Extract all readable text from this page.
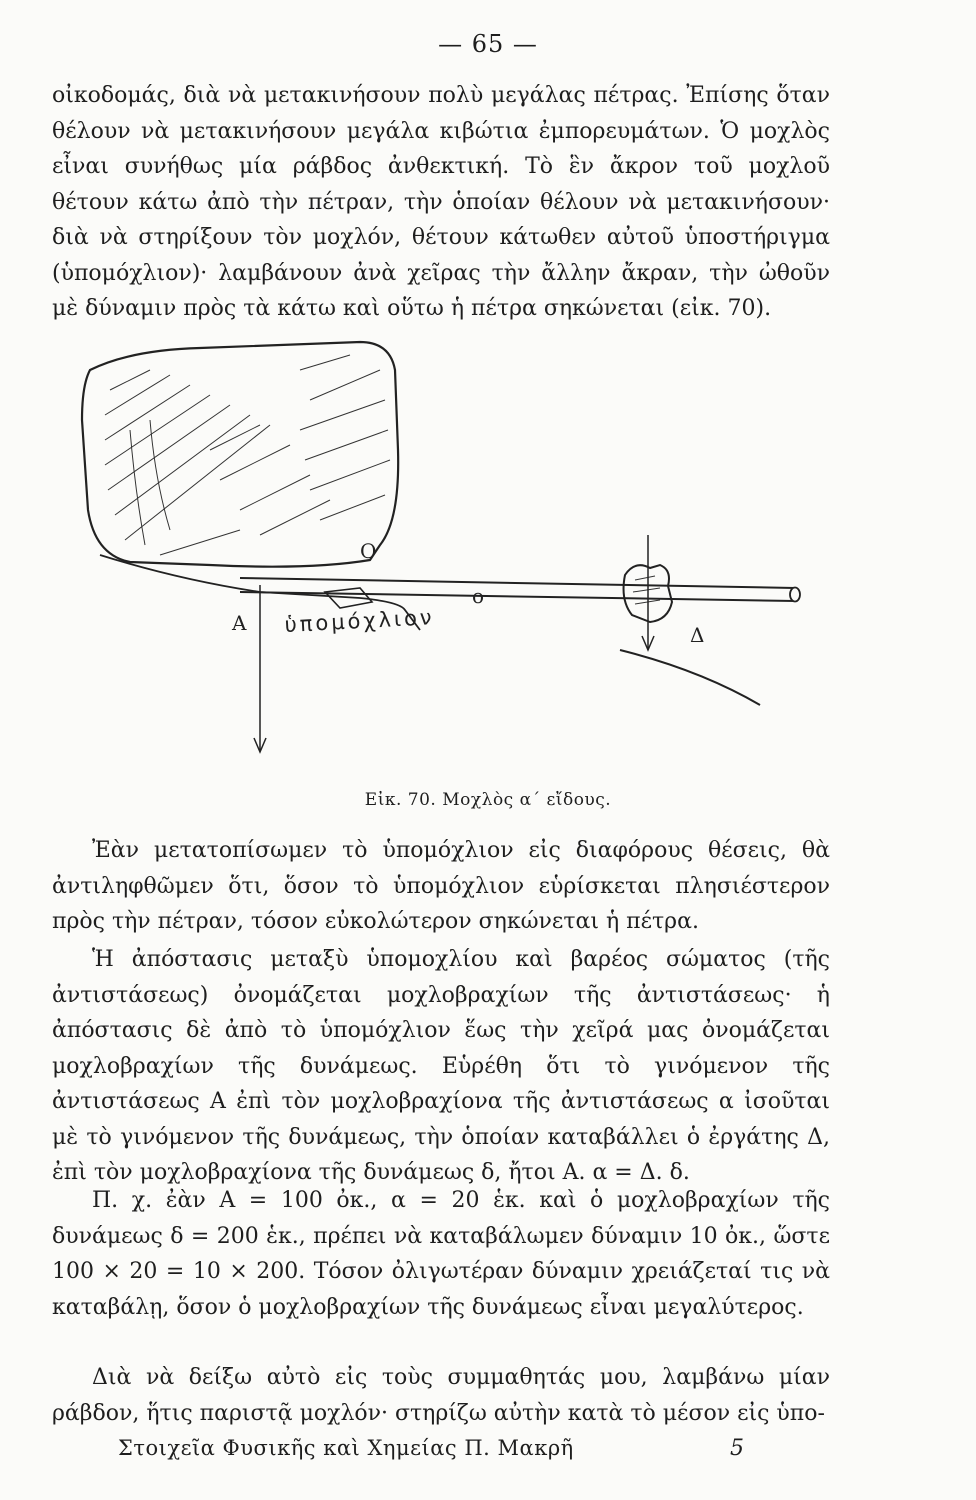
— 65 —

οἰκοδομάς, διὰ νὰ μετακινήσουν πολὺ μεγάλας πέτρας. Ἐπίσης ὅταν θέλουν νὰ μετακινήσουν μεγάλα κιβώτια ἐμπορευμάτων. Ὁ μοχλὸς εἶναι συνήθως μία ράβδος ἀνθεκτική. Τὸ ἓν ἄκρον τοῦ μοχλοῦ θέτουν κάτω ἀπὸ τὴν πέτραν, τὴν ὁποίαν θέλουν νὰ μετακινήσουν· διὰ νὰ στηρίξουν τὸν μοχλόν, θέτουν κάτωθεν αὐτοῦ ὑποστήριγμα (ὑπομόχλιον)· λαμβάνουν ἀνὰ χεῖρας τὴν ἄλλην ἄκραν, τὴν ὠθοῦν μὲ δύναμιν πρὸς τὰ κάτω καὶ οὕτω ἡ πέτρα σηκώνεται (εἰκ. 70).

O
ο
Α	Δ
ὑπομόχλιον
Εἰκ. 70. Μοχλὸς α΄ εἴδους.

Ἐὰν μετατοπίσωμεν τὸ ὑπομόχλιον εἰς διαφόρους θέσεις, θὰ ἀντιληφθῶμεν ὅτι, ὅσον τὸ ὑπομόχλιον εὑρίσκεται πλησιέστερον πρὸς τὴν πέτραν, τόσον εὐκολώτερον σηκώνεται ἡ πέτρα.

Ἡ ἀπόστασις μεταξὺ ὑπομοχλίου καὶ βαρέος σώματος (τῆς ἀντιστάσεως) ὀνομάζεται μοχλοβραχίων τῆς ἀντιστάσεως· ἡ ἀπόστασις δὲ ἀπὸ τὸ ὑπομόχλιον ἕως τὴν χεῖρά μας ὀνομάζεται μοχλοβραχίων τῆς δυνάμεως. Εὑρέθη ὅτι τὸ γινόμενον τῆς ἀντιστάσεως Α ἐπὶ τὸν μοχλοβραχίονα τῆς ἀντιστάσεως α ἰσοῦται μὲ τὸ γινόμενον τῆς δυνάμεως, τὴν ὁποίαν καταβάλλει ὁ ἐργάτης Δ, ἐπὶ τὸν μοχλοβραχίονα τῆς δυνάμεως δ, ἤτοι Α. α = Δ. δ.

Π. χ. ἐὰν Α = 100 ὀκ., α = 20 ἑκ. καὶ ὁ μοχλοβραχίων τῆς δυνάμεως δ = 200 ἑκ., πρέπει νὰ καταβάλωμεν δύναμιν 10 ὀκ., ὥστε 100 × 20 = 10 × 200. Τόσον ὀλιγωτέραν δύναμιν χρειάζεταί τις νὰ καταβάλῃ, ὅσον ὁ μοχλοβραχίων τῆς δυνάμεως εἶναι μεγαλύτερος.

Διὰ νὰ δείξω αὐτὸ εἰς τοὺς συμμαθητάς μου, λαμβάνω μίαν ράβδον, ἥτις παριστᾷ μοχλόν· στηρίζω αὐτὴν κατὰ τὸ μέσον εἰς ὑπο-

Στοιχεῖα Φυσικῆς καὶ Χημείας Π. Μακρῆ	5
